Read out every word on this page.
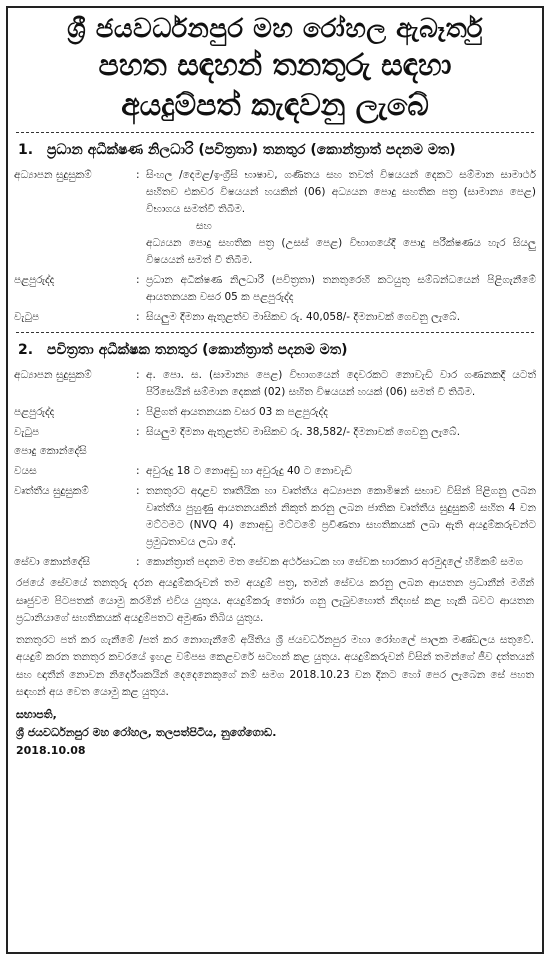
ශ්‍රී ජයවර්ධනපුර මහ රෝහල ඇබෑර්තු
පහත සඳහන් තනතුරු සඳහා
අයදුම්පත් කැඳවනු ලැබේ
1. ප්‍රධාන අධීක්ෂණ නිලධාරි (පවිත්‍රතා) තනතුර (කොන්ත්‍රාත් පදනම මත)
අධ්‍යාපන සුදුසුකම්	: සිංහල /දෙමළ/ඉංග්‍රීසි භාෂාව, ගණිතය සහ තවත් විෂයයන් දෙකට සම්මාන සාමාර්ථ සහිතව එකවර විෂයයන් හයකින් (06) අධ්‍යයන පොදු සහතික පත්‍ර (සාමාන්‍ය පෙළ) විභාගය සමත්වී තිබීම.
සහ
අධ්‍යයන පොදු සහතික පත්‍ර (උසස් පෙළ) විභාගයේදී පොදු පරීක්ෂණය හැර සියලු විෂයයන් සමත් වී තිබීම.
පළපුරුද්ද	: ප්‍රධාන අධීක්ෂණ නිලධාරී (පවිත්‍රතා) තනතුරෙහි කටයුතු සම්බන්ධයෙන් පිළිගැනීමේ ආයතනයක වසර 05 ක පළපුරුද්ද
වැටුප	: සියලුම දීමනා ඇතුළත්ව මාසිකව රු. 40,058/- දීමනාවක් ගෙවනු ලැබේ.
2. පවිත්‍රතා අධීක්ෂක තනතුර (කොන්ත්‍රාත් පදනම මත)
අධ්‍යාපන සුදුසුකම්	: අ. පො. ස. (සාමාන්‍ය පෙළ) විභාගයෙන් දෙවරකට නොවැඩි වාර ගණනකදී යටත් පිරිසෙයින් සම්මාන දෙකක් (02) සහිත විෂයයන් හයක් (06) සමත් වී තිබීම.
පළපුරුද්ද	: පිළිගත් ආයතනයක වසර 03 ක පළපුරුද්ද
වැටුප	: සියලුම දීමනා ඇතුළත්ව මාසිකව රු. 38,582/- දීමනාවක් ගෙවනු ලැබේ.
පොදු කොන්දේසි
වයස	: අවුරුදු 18 ට නොඅඩු හා අවුරුදු 40 ට නොවැඩි
වෘත්තීය සුදුසුකම්	: තනතුරට අදාළව තෘතීයික හා වෘත්තීය අධ්‍යාපන කොමිෂන් සභාව විසින් පිළිගනු ලබන වෘත්තීය පුහුණු ආයතනයකින් නිකුත් කරනු ලබන ජාතික වෘත්තීය සුදුසුකම් සහිත 4 වන මට්ටමට (NVQ 4) නොඅඩු මට්ටමේ ප්‍රවීණතා සහතිකයක් ලබා ඇති අයදුම්කරුවන්ට ප්‍රමුඛතාවය ලබා දේ.
සේවා කොන්දේසි	: කොන්ත්‍රාත් පදනම මත සේවක අර්ථසාධක හා සේවක භාරකාර අරමුදලේ හිමිකම් සමග
රජයේ සේවයේ තනතුරු දරන අයදුම්කරුවන් තම අයදුම් පත්‍ර, තමන් සේවය කරනු ලබන ආයතන ප්‍රධානීන් මගින් සෘජුවම පිටපතක් යොමු කරමින් එවිය යුතුය. අයදුම්කරු තෝරා ගනු ලැබුවහොත් නිදහස් කළ හැකි බවට ආයතන ප්‍රධානියාගේ සහතිකයක් අයදුම්පතට අමුණා තිබිය යුතුය.
තනතුරට පත් කර ගැනීමේ /පත් කර නොගැනීමේ අයිතිය ශ්‍රී ජයවර්ධනපුර මහා රෝහලේ පාලක මණ්ඩලය සතුවේ. අයදුම් කරන තනතුර කවරයේ ඉහළ වම්පස කෙළවරේ සටහන් කළ යුතුය. අයදුම්කරුවන් විසින් තමන්ගේ ජීව දත්තයන් සහ ඥාතීන් නොවන නිර්දේශකයින් දෙදෙනෙකුගේ නම් සමග 2018.10.23 වන දිනට හෝ පෙර ලැබෙන සේ පහත සඳහන් අය වෙත යොමු කළ යුතුය.
සභාපති,
ශ්‍රී ජයවර්ධනපුර මහ රෝහල, තලපත්පිටිය, නුගේගොඩ.
2018.10.08
